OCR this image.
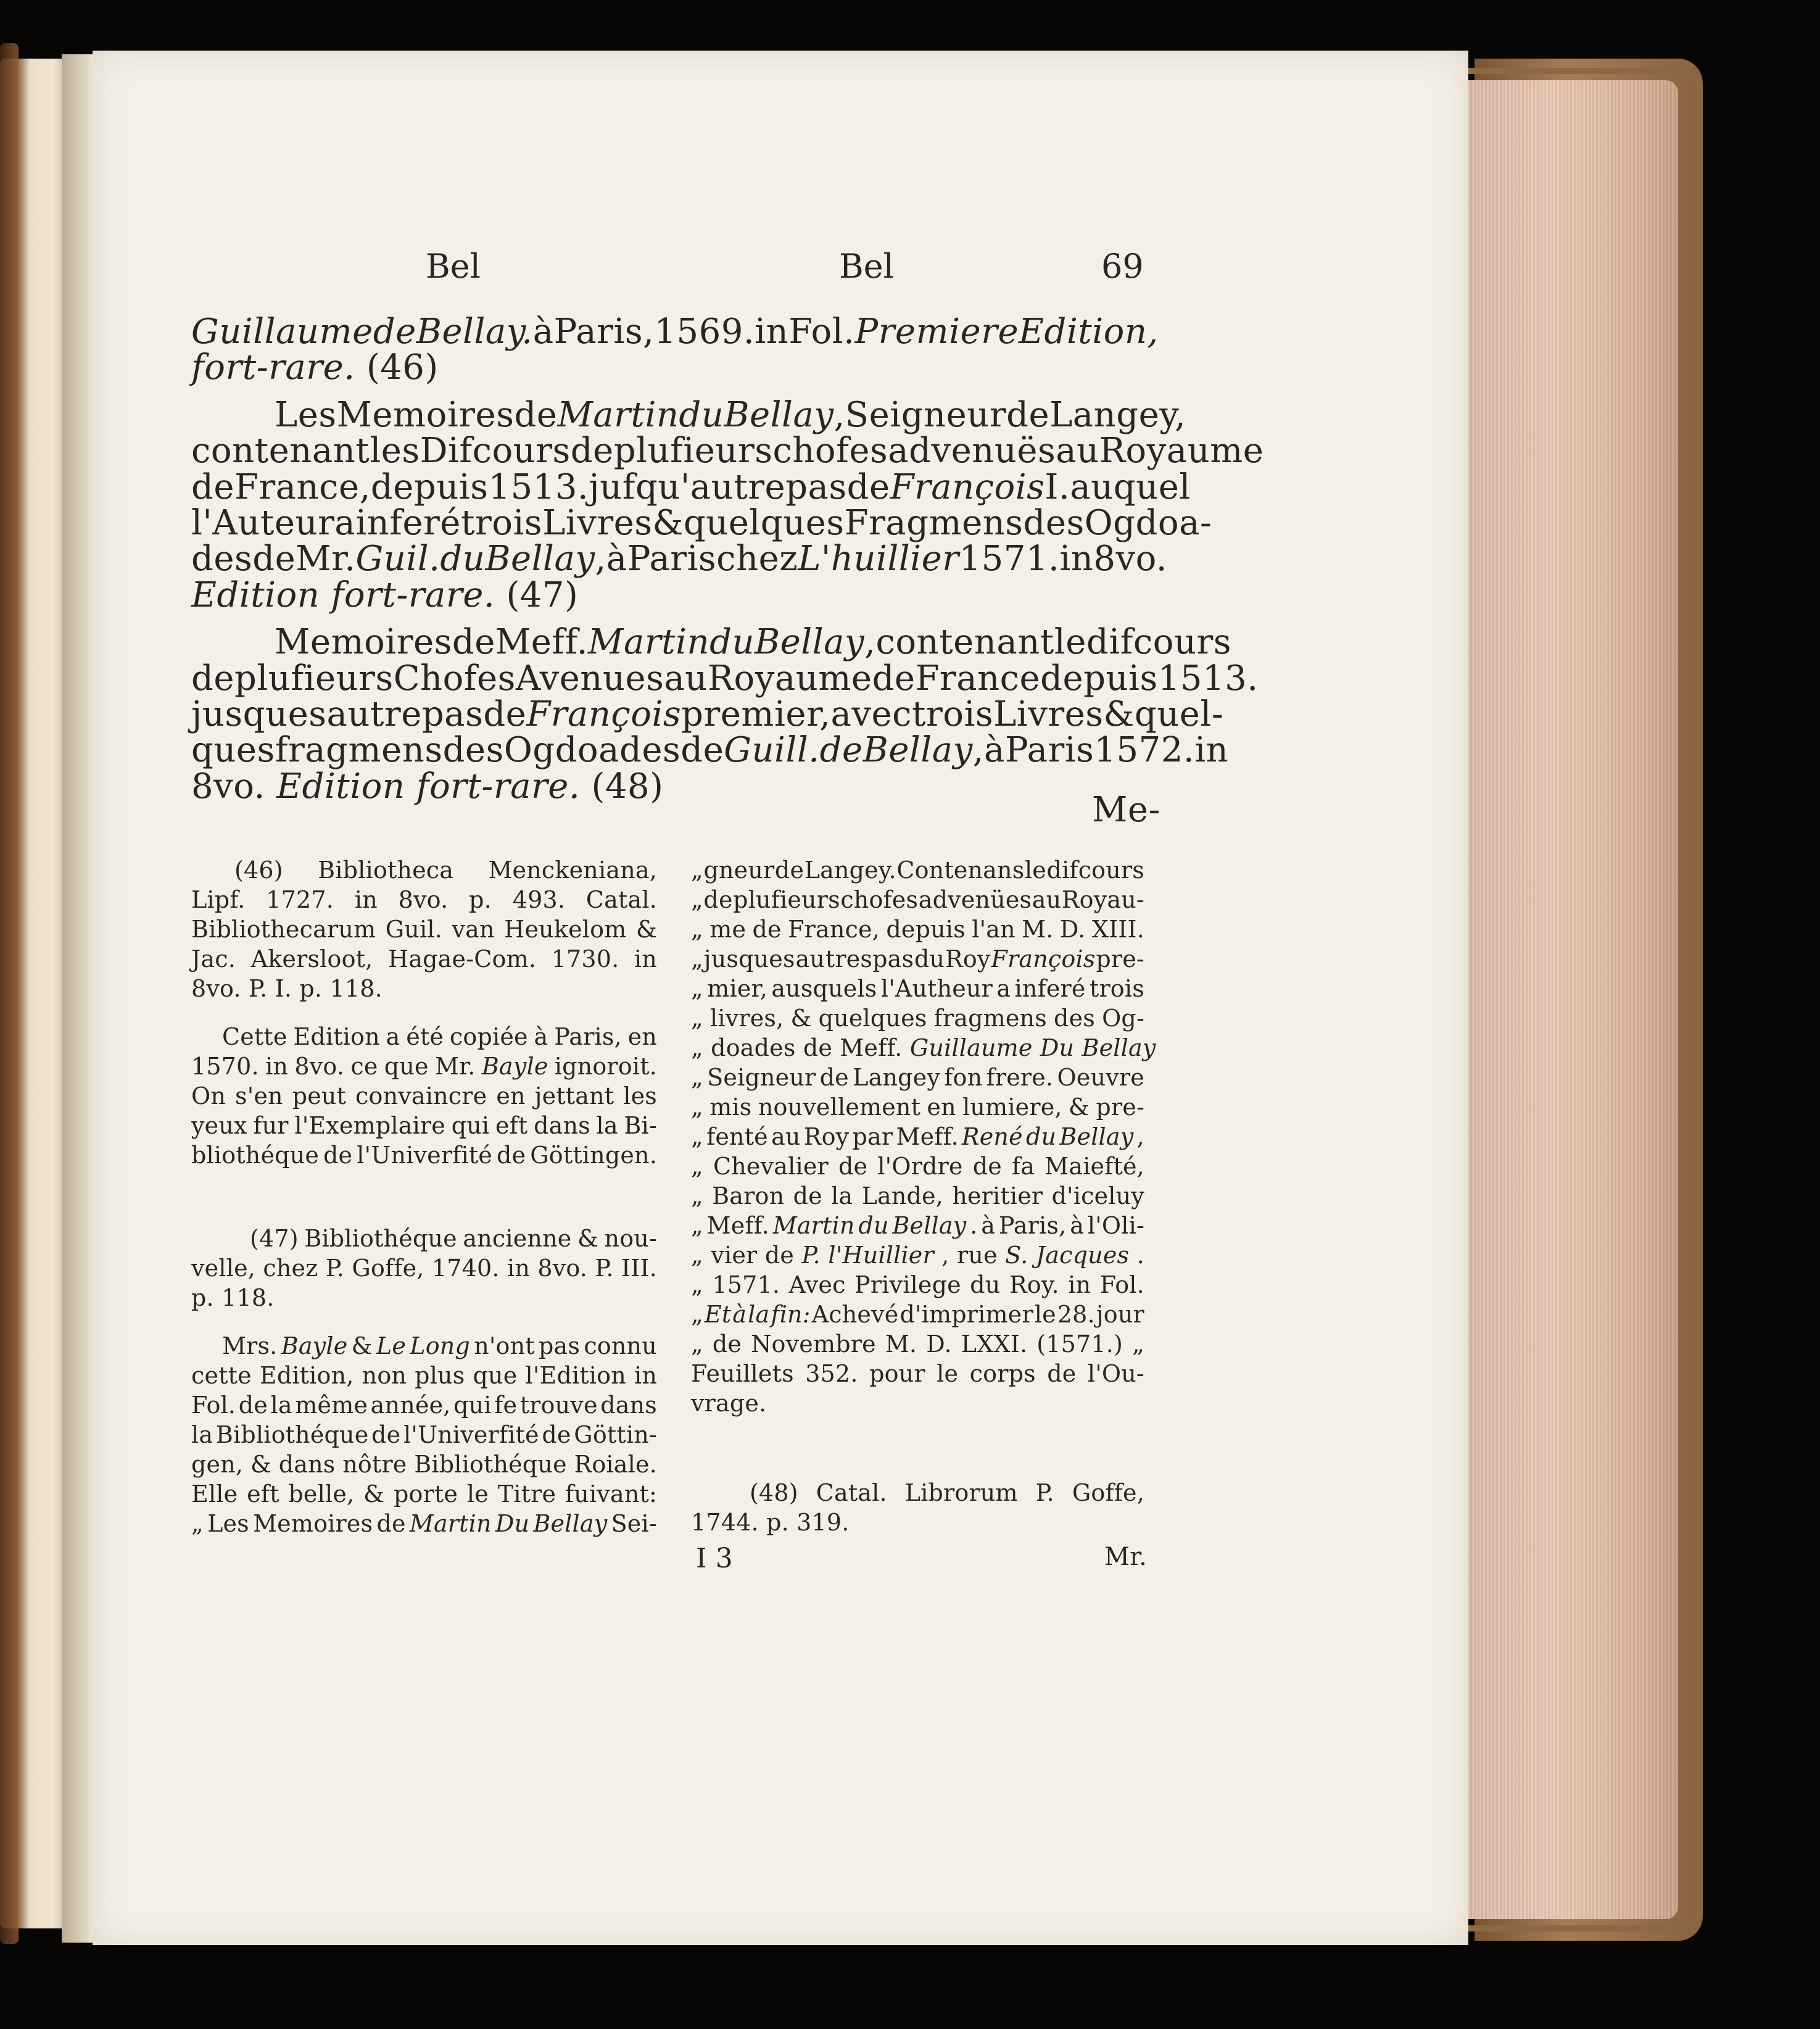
Bel	Bel	69
Guillaume de Bellay. à Paris, 1569. in Fol. Premiere Edition,
fort-rare. (46)
Les Memoires de Martin du Bellay , Seigneur de Langey,
contenant les Difcours de plufieurs chofes advenuës au Royaume
de France, depuis 1513. jufqu'au trepas de François I. auquel
l'Auteur a inferé trois Livres & quelques Fragmens des Ogdoa-
des de Mr. Guil. du Bellay , à Paris chez L'huillier 1571. in 8vo.
Edition fort-rare. (47)
Memoires de Meff. Martin du Bellay , contenant le difcours
de plufieurs Chofes Avenues au Royaume de France depuis 1513.
jusques au trepas de François premier, avec trois Livres & quel-
ques fragmens des Ogdoades de Guill. de Bellay , à Paris 1572. in
8vo. Edition fort-rare. (48)
Me-
(46) Bibliotheca Menckeniana,
Lipf. 1727. in 8vo. p. 493. Catal.
Bibliothecarum Guil. van Heukelom &
Jac. Akersloot, Hagae-Com. 1730. in
8vo. P. I. p. 118.
Cette Edition a été copiée à Paris, en
1570. in 8vo. ce que Mr. Bayle ignoroit.
On s'en peut convaincre en jettant les
yeux fur l'Exemplaire qui eft dans la Bi-
bliothéque de l'Univerfité de Göttingen.
(47) Bibliothéque ancienne & nou-
velle, chez P. Goffe, 1740. in 8vo. P. III.
p. 118.
Mrs. Bayle & Le Long n'ont pas connu
cette Edition, non plus que l'Edition in
Fol. de la même année, qui fe trouve dans
la Bibliothéque de l'Univerfité de Göttin-
gen, & dans nôtre Bibliothéque Roiale.
Elle eft belle, & porte le Titre fuivant:
„ Les Memoires de Martin Du Bellay Sei-
„ gneur de Langey. Contenans le difcours
„ de plufieurs chofes advenües au Royau-
„ me de France, depuis l'an M. D. XIII.
„ jusques au trespas du Roy François pre-
„ mier, ausquels l'Autheur a inferé trois
„ livres, & quelques fragmens des Og-
„ doades de Meff. Guillaume Du Bellay
„ Seigneur de Langey fon frere. Oeuvre
„ mis nouvellement en lumiere, & pre-
„ fenté au Roy par Meff. René du Bellay ,
„ Chevalier de l'Ordre de fa Maiefté,
„ Baron de la Lande, heritier d'iceluy
„ Meff. Martin du Bellay . à Paris, à l'Oli-
„ vier de P. l'Huillier , rue S. Jacques .
„ 1571. Avec Privilege du Roy. in Fol.
„ Et à la fin: Achevé d'imprimer le 28. jour
„ de Novembre M. D. LXXI. (1571.) „
Feuillets 352. pour le corps de l'Ou-
vrage.
(48) Catal. Librorum P. Goffe,
1744. p. 319.
I 3	Mr.
